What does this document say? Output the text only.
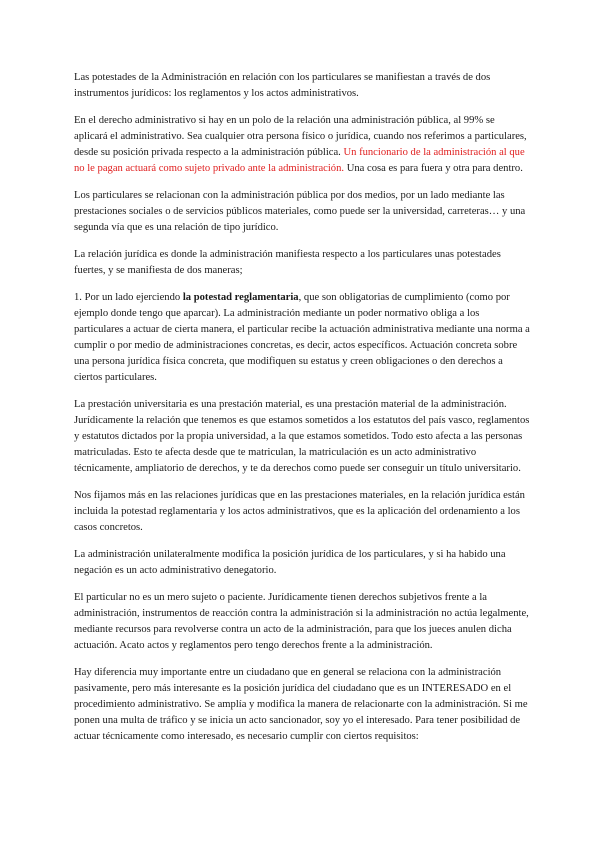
Las potestades de la Administración en relación con los particulares se manifiestan a través de dos instrumentos jurídicos: los reglamentos y los actos administrativos.

En el derecho administrativo si hay en un polo de la relación una administración pública, al 99% se aplicará el administrativo. Sea cualquier otra persona físico o jurídica, cuando nos referimos a particulares, desde su posición privada respecto a la administración pública. Un funcionario de la administración al que no le pagan actuará como sujeto privado ante la administración. Una cosa es para fuera y otra para dentro.

Los particulares se relacionan con la administración pública por dos medios, por un lado mediante las prestaciones sociales o de servicios públicos materiales, como puede ser la universidad, carreteras… y una segunda vía que es una relación de tipo jurídico.

La relación jurídica es donde la administración manifiesta respecto a los particulares unas potestades fuertes, y se manifiesta de dos maneras;

1. Por un lado ejerciendo la potestad reglamentaria, que son obligatorias de cumplimiento (como por ejemplo donde tengo que aparcar). La administración mediante un poder normativo obliga a los particulares a actuar de cierta manera, el particular recibe la actuación administrativa mediante una norma a cumplir o por medio de administraciones concretas, es decir, actos específicos. Actuación concreta sobre una persona jurídica física concreta, que modifiquen su estatus y creen obligaciones o den derechos a ciertos particulares.

La prestación universitaria es una prestación material, es una prestación material de la administración. Jurídicamente la relación que tenemos es que estamos sometidos a los estatutos del país vasco, reglamentos y estatutos dictados por la propia universidad, a la que estamos sometidos. Todo esto afecta a las personas matriculadas. Esto te afecta desde que te matriculan, la matriculación es un acto administrativo técnicamente, ampliatorio de derechos, y te da derechos como puede ser conseguir un título universitario.

Nos fijamos más en las relaciones jurídicas que en las prestaciones materiales, en la relación jurídica están incluida la potestad reglamentaria y los actos administrativos, que es la aplicación del ordenamiento a los casos concretos.

La administración unilateralmente modifica la posición jurídica de los particulares, y si ha habido una negación es un acto administrativo denegatorio.

El particular no es un mero sujeto o paciente. Jurídicamente tienen derechos subjetivos frente a la administración, instrumentos de reacción contra la administración si la administración no actúa legalmente, mediante recursos para revolverse contra un acto de la administración, para que los jueces anulen dicha actuación. Acato actos y reglamentos pero tengo derechos frente a la administración.

Hay diferencia muy importante entre un ciudadano que en general se relaciona con la administración pasivamente, pero más interesante es la posición jurídica del ciudadano que es un INTERESADO en el procedimiento administrativo. Se amplía y modifica la manera de relacionarte con la administración. Si me ponen una multa de tráfico y se inicia un acto sancionador, soy yo el interesado. Para tener posibilidad de actuar técnicamente como interesado, es necesario cumplir con ciertos requisitos:
